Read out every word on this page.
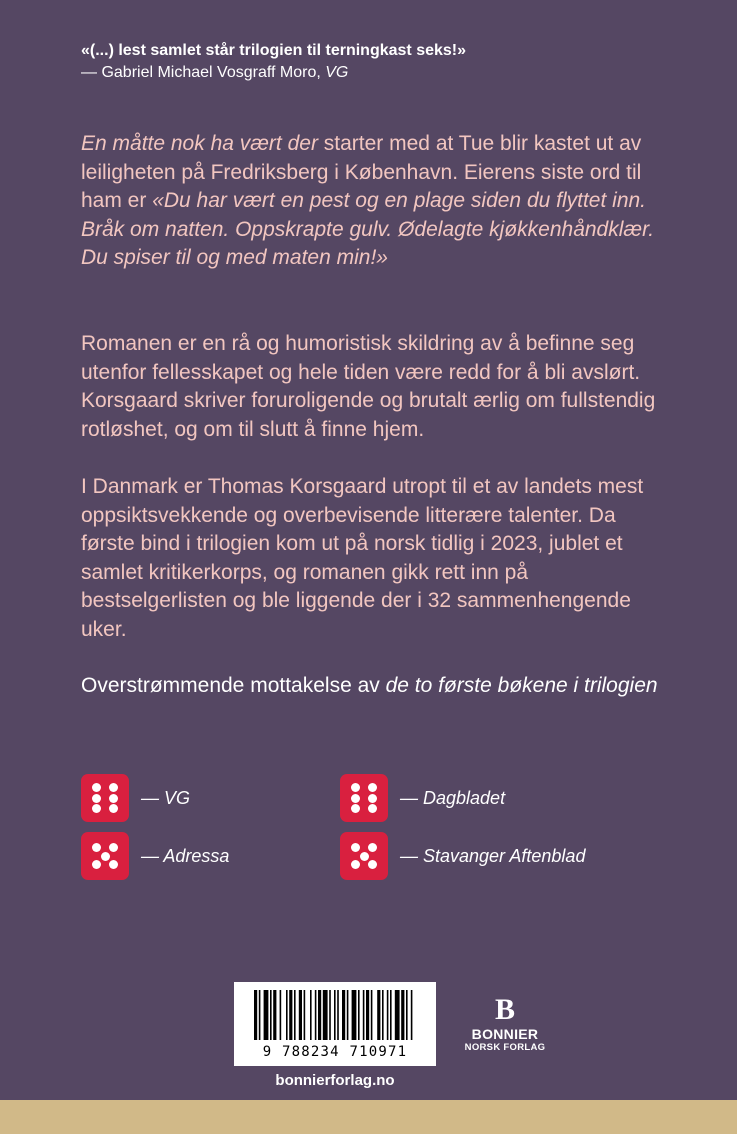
«(...) lest samlet står trilogien til terningkast seks!»
— Gabriel Michael Vosgraff Moro, VG

En måtte nok ha vært der starter med at Tue blir kastet ut av leiligheten på Fredriksberg i København. Eierens siste ord til ham er «Du har vært en pest og en plage siden du flyttet inn. Bråk om natten. Oppskrapte gulv. Ødelagte kjøkkenhåndklær. Du spiser til og med maten min!»

Romanen er en rå og humoristisk skildring av å befinne seg utenfor fellesskapet og hele tiden være redd for å bli avslørt. Korsgaard skriver foruroligende og brutalt ærlig om fullstendig rotløshet, og om til slutt å finne hjem.

I Danmark er Thomas Korsgaard utropt til et av landets mest oppsiktsvekkende og overbevisende litterære talenter. Da første bind i trilogien kom ut på norsk tidlig i 2023, jublet et samlet kritikerkorps, og romanen gikk rett inn på bestselgerlisten og ble liggende der i 32 sammenhengende uker.

Overstrømmende mottakelse av de to første bøkene i trilogien

— VG	— Dagbladet
— Adressa	— Stavanger Aftenblad
9 788234 710971
bonnierforlag.no
B
BONNIER
NORSK FORLAG
